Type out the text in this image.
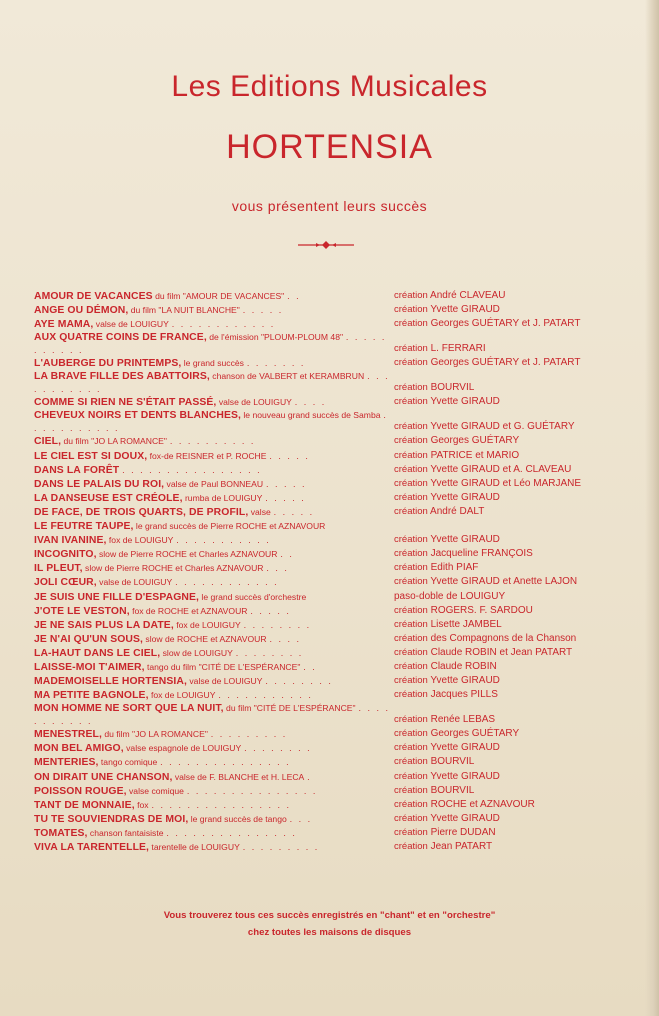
Les Editions Musicales
HORTENSIA
vous présentent leurs succès
AMOUR DE VACANCES du film "AMOUR DE VACANCES" . .	création André CLAVEAU
ANGE OU DÉMON, du film "LA NUIT BLANCHE" . . . . .	création Yvette GIRAUD
AYE MAMA, valse de LOUIGUY . . . . . . . . . . . .	création Georges GUÉTARY et J. PATART
AUX QUATRE COINS DE FRANCE, de l'émission "PLOUM-PLOUM 48" . . . . . . . . . . .	création L. FERRARI
L'AUBERGE DU PRINTEMPS, le grand succès . . . . . . .	création Georges GUÉTARY et J. PATART
LA BRAVE FILLE DES ABATTOIRS, chanson de VALBERT et KERAMBRUN . . . . . . . . . . .	création BOURVIL
COMME SI RIEN NE S'ÉTAIT PASSÉ, valse de LOUIGUY . . . .	création Yvette GIRAUD
CHEVEUX NOIRS ET DENTS BLANCHES, le nouveau grand succès de Samba . . . . . . . . . . .	création Yvette GIRAUD et G. GUÉTARY
CIEL, du film "JO LA ROMANCE" . . . . . . . . . .	création Georges GUÉTARY
LE CIEL EST SI DOUX, fox-de REISNER et P. ROCHE . . . . .	création PATRICE et MARIO
DANS LA FORÊT . . . . . . . . . . . . . . . .	création Yvette GIRAUD et A. CLAVEAU
DANS LE PALAIS DU ROI, valse de Paul BONNEAU . . . . .	création Yvette GIRAUD et Léo MARJANE
LA DANSEUSE EST CRÉOLE, rumba de LOUIGUY . . . . .	création Yvette GIRAUD
DE FACE, DE TROIS QUARTS, DE PROFIL, valse . . . . .	création André DALT
LE FEUTRE TAUPE, le grand succès de Pierre ROCHE et AZNAVOUR
IVAN IVANINE, fox de LOUIGUY . . . . . . . . . . .	création Yvette GIRAUD
INCOGNITO, slow de Pierre ROCHE et Charles AZNAVOUR . .	création Jacqueline FRANÇOIS
IL PLEUT, slow de Pierre ROCHE et Charles AZNAVOUR . . .	création Edith PIAF
JOLI CŒUR, valse de LOUIGUY . . . . . . . . . . . .	création Yvette GIRAUD et Anette LAJON
JE SUIS UNE FILLE D'ESPAGNE, le grand succès d'orchestre	paso-doble de LOUIGUY
J'OTE LE VESTON, fox de ROCHE et AZNAVOUR . . . . .	création ROGERS. F. SARDOU
JE NE SAIS PLUS LA DATE, fox de LOUIGUY . . . . . . . .	création Lisette JAMBEL
JE N'AI QU'UN SOUS, slow de ROCHE et AZNAVOUR . . . .	création des Compagnons de la Chanson
LA-HAUT DANS LE CIEL, slow de LOUIGUY . . . . . . . .	création Claude ROBIN et Jean PATART
LAISSE-MOI T'AIMER, tango du film "CITÉ DE L'ESPÉRANCE" . .	création Claude ROBIN
MADEMOISELLE HORTENSIA, valse de LOUIGUY . . . . . . . .	création Yvette GIRAUD
MA PETITE BAGNOLE, fox de LOUIGUY . . . . . . . . . . .	création Jacques PILLS
MON HOMME NE SORT QUE LA NUIT, du film "CITÉ DE L'ESPÉRANCE" . . . . . . . . . . .	création Renée LEBAS
MENESTREL, du film "JO LA ROMANCE" . . . . . . . . .	création Georges GUÉTARY
MON BEL AMIGO, valse espagnole de LOUIGUY . . . . . . . .	création Yvette GIRAUD
MENTERIES, tango comique . . . . . . . . . . . . . . .	création BOURVIL
ON DIRAIT UNE CHANSON, valse de F. BLANCHE et H. LECA .	création Yvette GIRAUD
POISSON ROUGE, valse comique . . . . . . . . . . . . . . .	création BOURVIL
TANT DE MONNAIE, fox . . . . . . . . . . . . . . . .	création ROCHE et AZNAVOUR
TU TE SOUVIENDRAS DE MOI, le grand succès de tango . . .	création Yvette GIRAUD
TOMATES, chanson fantaisiste . . . . . . . . . . . . . . .	création Pierre DUDAN
VIVA LA TARENTELLE, tarentelle de LOUIGUY . . . . . . . . .	création Jean PATART
Vous trouverez tous ces succès enregistrés en "chant" et en "orchestre"
chez toutes les maisons de disques
